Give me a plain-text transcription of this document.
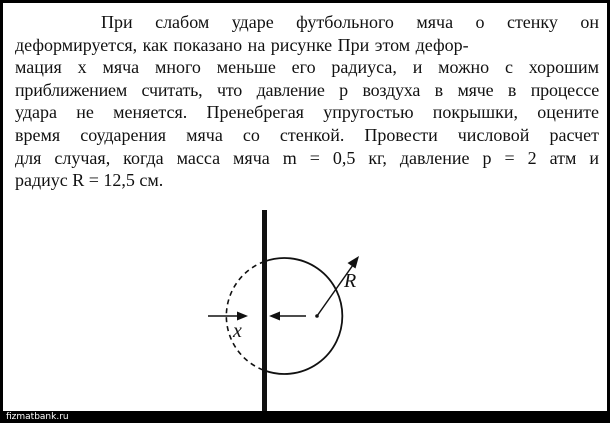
При слабом ударе футбольного мяча о стенку он
деформируется, как показано на рисунке При этом дефор-
мация x мяча много меньше его радиуса, и можно с хорошим
приближением считать, что давление p воздуха в мяче в процессе
удара не меняется. Пренебрегая упругостью покрышки, оцените
время соударения мяча со стенкой. Провести числовой расчет
для случая, когда масса мяча m = 0,5 кг, давление p = 2 атм и
радиус R = 12,5 см.
R
x
fizmatbank.ru
